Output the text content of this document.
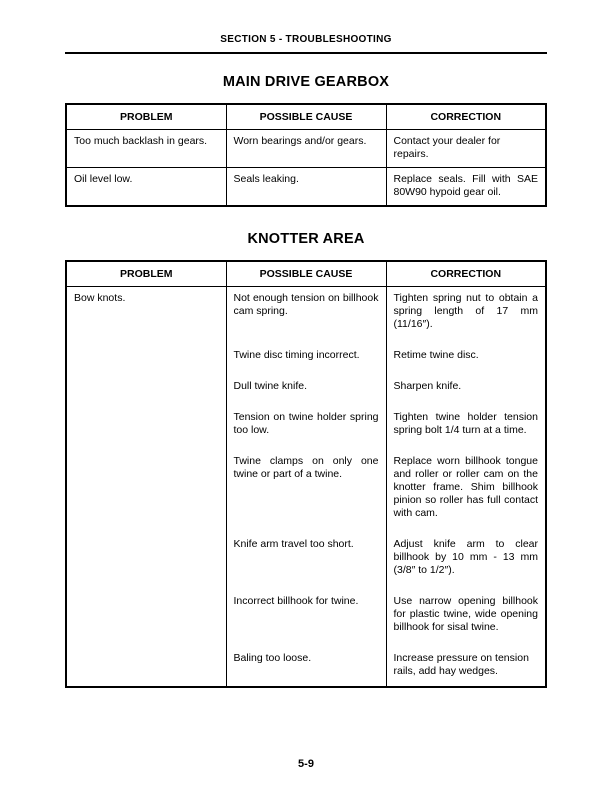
SECTION 5 - TROUBLESHOOTING
MAIN DRIVE GEARBOX
PROBLEM	POSSIBLE CAUSE	CORRECTION
Too much backlash in gears.	Worn bearings and/or gears.	Contact your dealer for repairs.
Oil level low.	Seals leaking.	Replace seals. Fill with SAE 80W90 hypoid gear oil.
KNOTTER AREA
PROBLEM	POSSIBLE CAUSE	CORRECTION
Bow knots.	Not enough tension on billhook cam spring.	Tighten spring nut to obtain a spring length of 17 mm (11/16″).
	Twine disc timing incorrect.	Retime twine disc.
	Dull twine knife.	Sharpen knife.
	Tension on twine holder spring too low.	Tighten twine holder tension spring bolt 1/4 turn at a time.
	Twine clamps on only one twine or part of a twine.	Replace worn billhook tongue and roller or roller cam on the knotter frame. Shim billhook pinion so roller has full contact with cam.
	Knife arm travel too short.	Adjust knife arm to clear billhook by 10 mm - 13 mm (3/8″ to 1/2″).
	Incorrect billhook for twine.	Use narrow opening billhook for plastic twine, wide opening billhook for sisal twine.
	Baling too loose.	Increase pressure on tension rails, add hay wedges.
5-9
